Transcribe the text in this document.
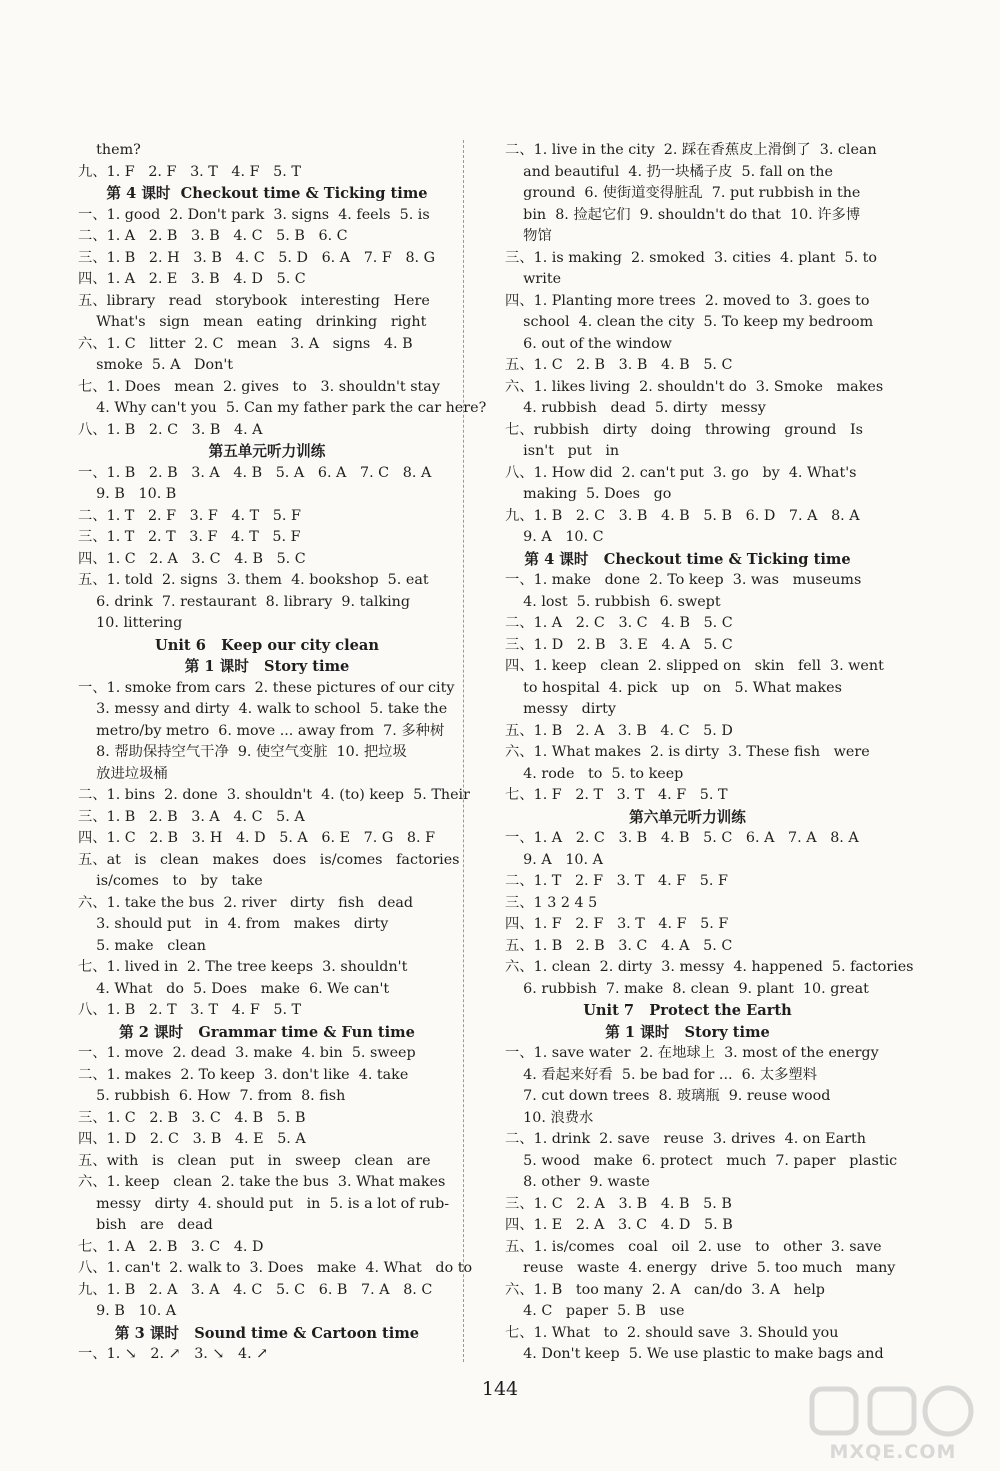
them?
九、1. F   2. F   3. T   4. F   5. T
第 4 课时  Checkout time & Ticking time
一、1. good  2. Don't park  3. signs  4. feels  5. is
二、1. A   2. B   3. B   4. C   5. B   6. C
三、1. B   2. H   3. B   4. C   5. D   6. A   7. F   8. G
四、1. A   2. E   3. B   4. D   5. C
五、library   read   storybook   interesting   Here
What's   sign   mean   eating   drinking   right
六、1. C   litter  2. C   mean   3. A   signs   4. B
smoke  5. A   Don't
七、1. Does   mean  2. gives   to   3. shouldn't stay
4. Why can't you  5. Can my father park the car here?
八、1. B   2. C   3. B   4. A
第五单元听力训练
一、1. B   2. B   3. A   4. B   5. A   6. A   7. C   8. A
9. B   10. B
二、1. T   2. F   3. F   4. T   5. F
三、1. T   2. T   3. F   4. T   5. F
四、1. C   2. A   3. C   4. B   5. C
五、1. told  2. signs  3. them  4. bookshop  5. eat
6. drink  7. restaurant  8. library  9. talking
10. littering
Unit 6   Keep our city clean
第 1 课时   Story time
一、1. smoke from cars  2. these pictures of our city
3. messy and dirty  4. walk to school  5. take the
metro/by metro  6. move ... away from  7. 多种树
8. 帮助保持空气干净  9. 使空气变脏  10. 把垃圾
放进垃圾桶
二、1. bins  2. done  3. shouldn't  4. (to) keep  5. Their
三、1. B   2. B   3. A   4. C   5. A
四、1. C   2. B   3. H   4. D   5. A   6. E   7. G   8. F
五、at   is   clean   makes   does   is/comes   factories
is/comes   to   by   take
六、1. take the bus  2. river   dirty   fish   dead
3. should put   in  4. from   makes   dirty
5. make   clean
七、1. lived in  2. The tree keeps  3. shouldn't
4. What   do  5. Does   make  6. We can't
八、1. B   2. T   3. T   4. F   5. T
第 2 课时   Grammar time & Fun time
一、1. move  2. dead  3. make  4. bin  5. sweep
二、1. makes  2. To keep  3. don't like  4. take
5. rubbish  6. How  7. from  8. fish
三、1. C   2. B   3. C   4. B   5. B
四、1. D   2. C   3. B   4. E   5. A
五、with   is   clean   put   in   sweep   clean   are
六、1. keep   clean  2. take the bus  3. What makes
messy   dirty  4. should put   in  5. is a lot of rub-
bish   are   dead
七、1. A   2. B   3. C   4. D
八、1. can't  2. walk to  3. Does   make  4. What   do to
九、1. B   2. A   3. A   4. C   5. C   6. B   7. A   8. C
9. B   10. A
第 3 课时   Sound time & Cartoon time
一、1. ↘   2. ↗   3. ↘   4. ↗
二、1. live in the city  2. 踩在香蕉皮上滑倒了  3. clean
and beautiful  4. 扔一块橘子皮  5. fall on the
ground  6. 使街道变得脏乱  7. put rubbish in the
bin  8. 捡起它们  9. shouldn't do that  10. 许多博
物馆
三、1. is making  2. smoked  3. cities  4. plant  5. to
write
四、1. Planting more trees  2. moved to  3. goes to
school  4. clean the city  5. To keep my bedroom
6. out of the window
五、1. C   2. B   3. B   4. B   5. C
六、1. likes living  2. shouldn't do  3. Smoke   makes
4. rubbish   dead  5. dirty   messy
七、rubbish   dirty   doing   throwing   ground   Is
isn't   put   in
八、1. How did  2. can't put  3. go   by  4. What's
making  5. Does   go
九、1. B   2. C   3. B   4. B   5. B   6. D   7. A   8. A
9. A   10. C
第 4 课时   Checkout time & Ticking time
一、1. make   done  2. To keep  3. was   museums
4. lost  5. rubbish  6. swept
二、1. A   2. C   3. C   4. B   5. C
三、1. D   2. B   3. E   4. A   5. C
四、1. keep   clean  2. slipped on   skin   fell  3. went
to hospital  4. pick   up   on   5. What makes
messy   dirty
五、1. B   2. A   3. B   4. C   5. D
六、1. What makes  2. is dirty  3. These fish   were
4. rode   to  5. to keep
七、1. F   2. T   3. T   4. F   5. T
第六单元听力训练
一、1. A   2. C   3. B   4. B   5. C   6. A   7. A   8. A
9. A   10. A
二、1. T   2. F   3. T   4. F   5. F
三、1 3 2 4 5
四、1. F   2. F   3. T   4. F   5. F
五、1. B   2. B   3. C   4. A   5. C
六、1. clean  2. dirty  3. messy  4. happened  5. factories
6. rubbish  7. make  8. clean  9. plant  10. great
Unit 7   Protect the Earth
第 1 课时   Story time
一、1. save water  2. 在地球上  3. most of the energy
4. 看起来好看  5. be bad for ...  6. 太多塑料
7. cut down trees  8. 玻璃瓶  9. reuse wood
10. 浪费水
二、1. drink  2. save   reuse  3. drives  4. on Earth
5. wood   make  6. protect   much  7. paper   plastic
8. other  9. waste
三、1. C   2. A   3. B   4. B   5. B
四、1. E   2. A   3. C   4. D   5. B
五、1. is/comes   coal   oil  2. use   to   other  3. save
reuse   waste  4. energy   drive  5. too much   many
六、1. B   too many  2. A   can/do  3. A   help
4. C   paper  5. B   use
七、1. What   to  2. should save  3. Should you
4. Don't keep  5. We use plastic to make bags and
144
MXQE.COM
